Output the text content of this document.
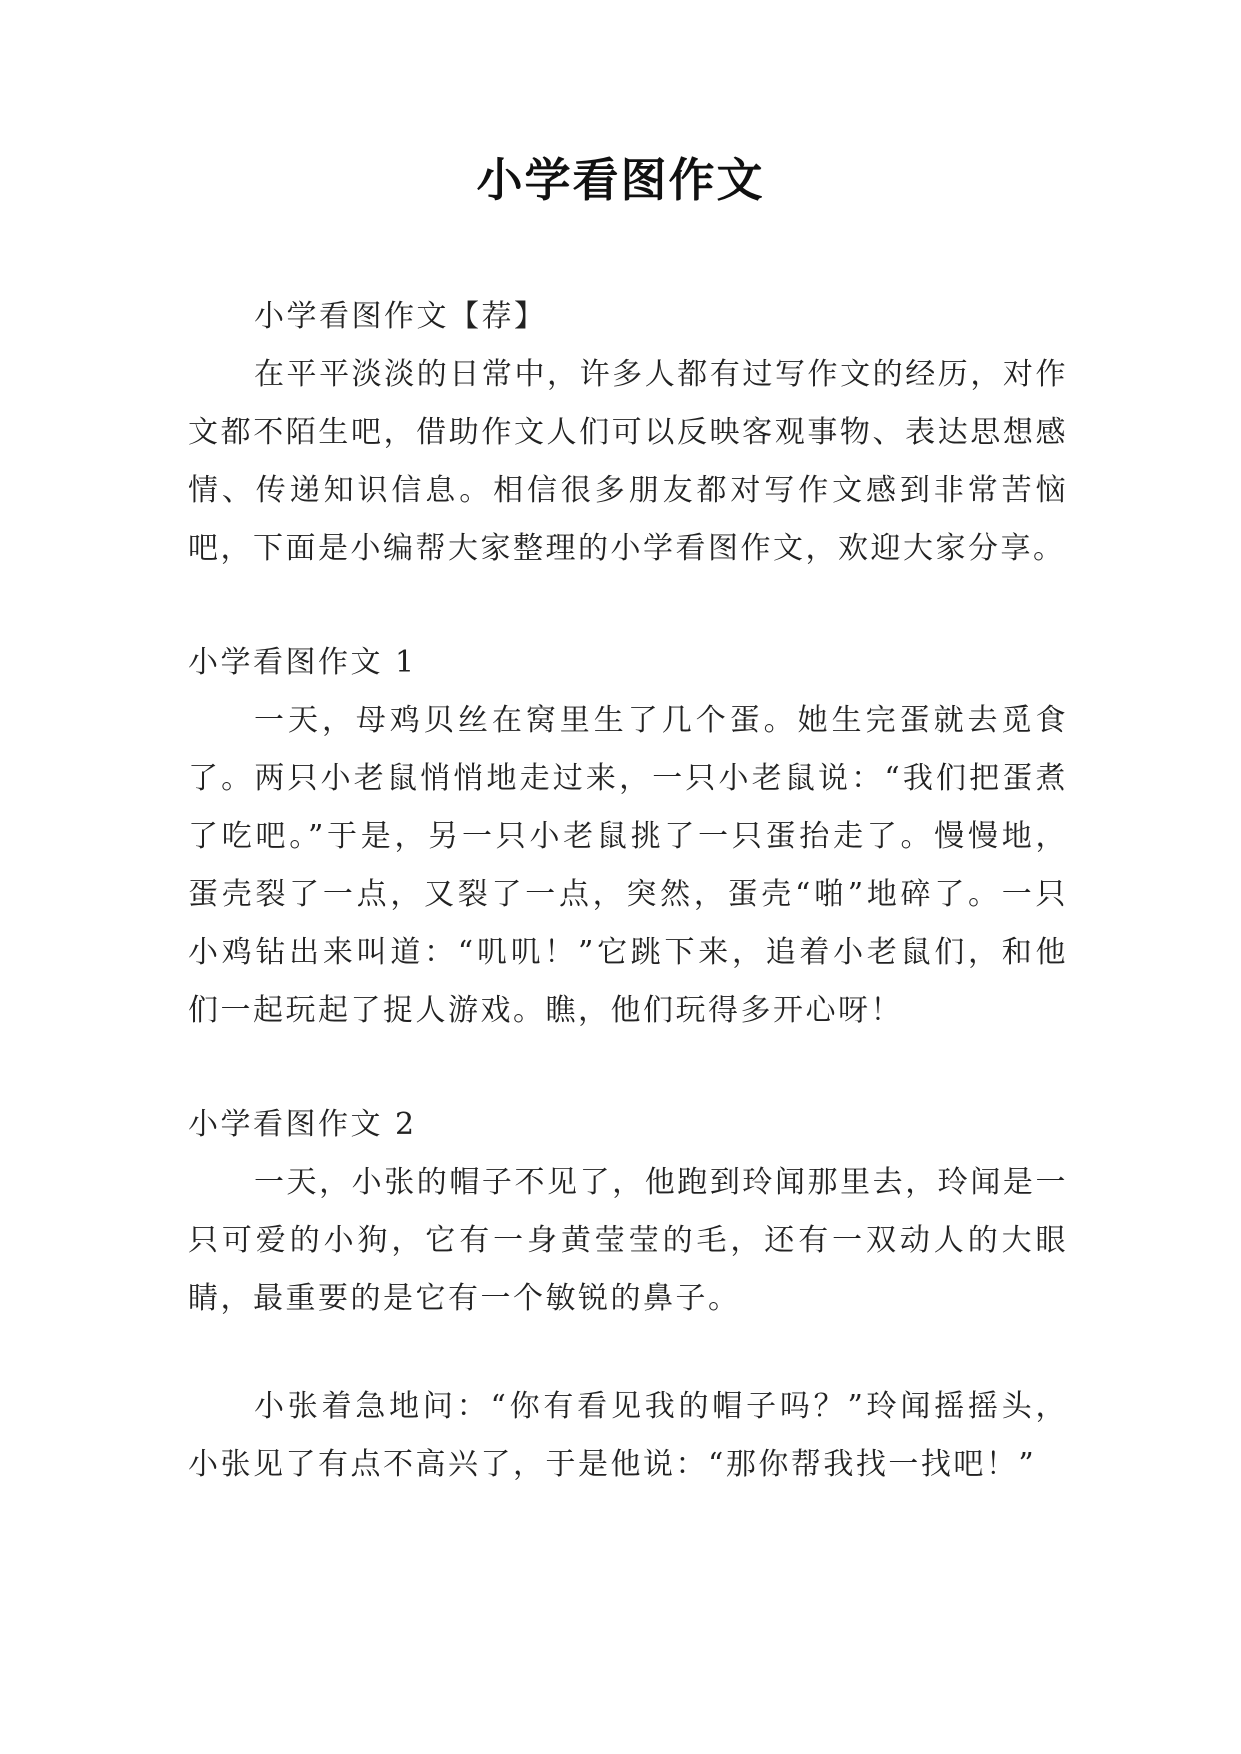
小学看图作文

小学看图作文【荐】

在平平淡淡的日常中，许多人都有过写作文的经历，对作文都不陌生吧，借助作文人们可以反映客观事物、表达思想感情、传递知识信息。相信很多朋友都对写作文感到非常苦恼吧，下面是小编帮大家整理的小学看图作文，欢迎大家分享。

小学看图作文 1

一天，母鸡贝丝在窝里生了几个蛋。她生完蛋就去觅食了。两只小老鼠悄悄地走过来，一只小老鼠说：“我们把蛋煮了吃吧。”于是，另一只小老鼠挑了一只蛋抬走了。慢慢地，蛋壳裂了一点，又裂了一点，突然，蛋壳“啪”地碎了。一只小鸡钻出来叫道：“叽叽！”它跳下来，追着小老鼠们，和他们一起玩起了捉人游戏。瞧，他们玩得多开心呀！

小学看图作文 2

一天，小张的帽子不见了，他跑到玲闻那里去，玲闻是一只可爱的小狗，它有一身黄莹莹的毛，还有一双动人的大眼睛，最重要的是它有一个敏锐的鼻子。

小张着急地问：“你有看见我的帽子吗？”玲闻摇摇头，小张见了有点不高兴了，于是他说：“那你帮我找一找吧！”
